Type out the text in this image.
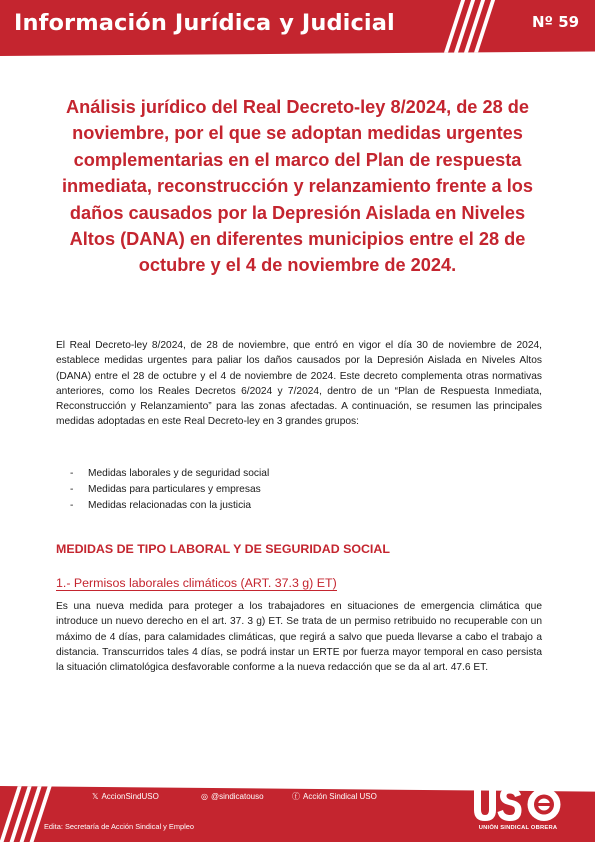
Información Jurídica y Judicial	Nº 59
Análisis jurídico del Real Decreto-ley 8/2024, de 28 de noviembre, por el que se adoptan medidas urgentes complementarias en el marco del Plan de respuesta inmediata, reconstrucción y relanzamiento frente a los daños causados por la Depresión Aislada en Niveles Altos (DANA) en diferentes municipios entre el 28 de octubre y el 4 de noviembre de 2024.
El Real Decreto-ley 8/2024, de 28 de noviembre, que entró en vigor el día 30 de noviembre de 2024, establece medidas urgentes para paliar los daños causados por la Depresión Aislada en Niveles Altos (DANA) entre el 28 de octubre y el 4 de noviembre de 2024. Este decreto complementa otras normativas anteriores, como los Reales Decretos 6/2024 y 7/2024, dentro de un “Plan de Respuesta Inmediata, Reconstrucción y Relanzamiento” para las zonas afectadas. A continuación, se resumen las principales medidas adoptadas en este Real Decreto-ley en 3 grandes grupos:
- Medidas laborales y de seguridad social
- Medidas para particulares y empresas
- Medidas relacionadas con la justicia
MEDIDAS DE TIPO LABORAL Y DE SEGURIDAD SOCIAL
1.- Permisos laborales climáticos (ART. 37.3 g) ET)
Es una nueva medida para proteger a los trabajadores en situaciones de emergencia climática que introduce un nuevo derecho en el art. 37. 3 g) ET. Se trata de un permiso retribuido no recuperable con un máximo de 4 días, para calamidades climáticas, que regirá a salvo que pueda llevarse a cabo el trabajo a distancia. Transcurridos tales 4 días, se podrá instar un ERTE por fuerza mayor temporal en caso persista la situación climatológica desfavorable conforme a la nueva redacción que se da al art. 47.6 ET.
𝕏 AccionSindUSO	◎ @sindicatouso	ⓕ Acción Sindical USO
Edita: Secretaría de Acción Sindical y Empleo	UNIÓN SINDICAL OBRERA
